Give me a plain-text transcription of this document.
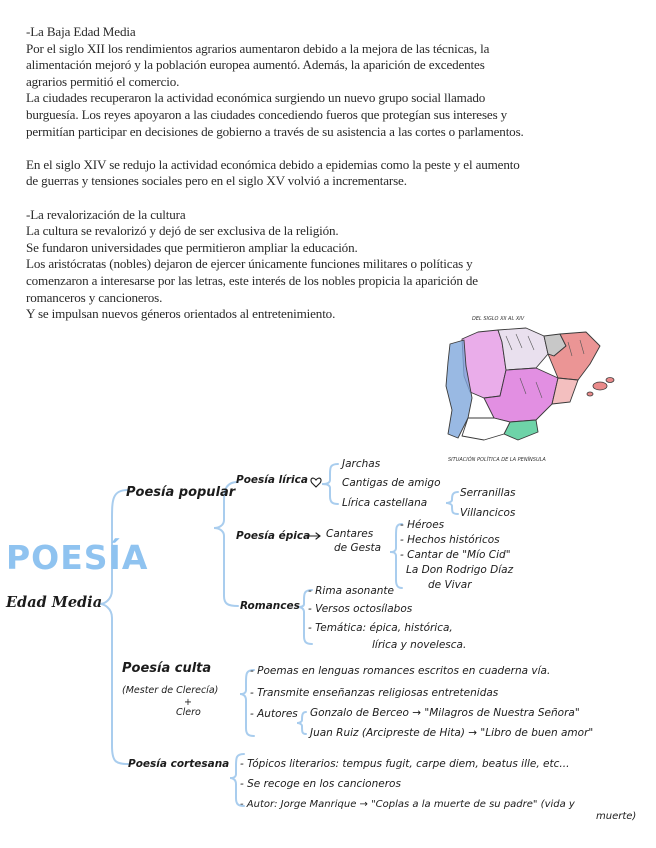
-La Baja Edad Media

Por el siglo XII los rendimientos agrarios aumentaron debido a la mejora de las técnicas, la

alimentación mejoró y la población europea aumentó. Además, la aparición de excedentes

agrarios permitió el comercio.

La ciudades recuperaron la actividad económica surgiendo un nuevo grupo social llamado

burguesía. Los reyes apoyaron a las ciudades concediendo fueros que protegían sus intereses y

permitían participar en decisiones de gobierno a través de su asistencia a las cortes o parlamentos.

En el siglo XIV se redujo la actividad económica debido a epidemias como la peste y el aumento

de guerras y tensiones sociales pero en el siglo XV volvió a incrementarse.

-La revalorización de la cultura

La cultura se revalorizó y dejó de ser exclusiva de la religión.

Se fundaron universidades que permitieron ampliar la educación.

Los aristócratas (nobles) dejaron de ejercer únicamente funciones militares o políticas y

comenzaron a interesarse por las letras, este interés de los nobles propicia la aparición de

romanceros y cancioneros.

Y se impulsan nuevos géneros orientados al entretenimiento.	DEL SIGLO XII AL XIV
SITUACIÓN POLÍTICA DE LA PENÍNSULA
POESÍA
Edad Media
Poesía popular
Poesía lírica
Jarchas
Cantigas de amigo
Lírica castellana
Serranillas
Villancicos
Poesía épica Cantares
de Gesta
- Héroes
- Hechos históricos
- Cantar de "Mío Cid"
La Don Rodrigo Díaz
de Vivar
Romances
- Rima asonante
- Versos octosílabos
- Temática: épica, histórica,
lírica y novelesca.
Poesía culta
(Mester de Clerecía)
+
Clero
- Poemas en lenguas romances escritos en cuaderna vía.
- Transmite enseñanzas religiosas entretenidas
- Autores Gonzalo de Berceo → "Milagros de Nuestra Señora"
Juan Ruiz (Arcipreste de Hita) → "Libro de buen amor"
Poesía cortesana - Tópicos literarios: tempus fugit, carpe diem, beatus ille, etc...
- Se recoge en los cancioneros
- Autor: Jorge Manrique → "Coplas a la muerte de su padre" (vida y
muerte)
